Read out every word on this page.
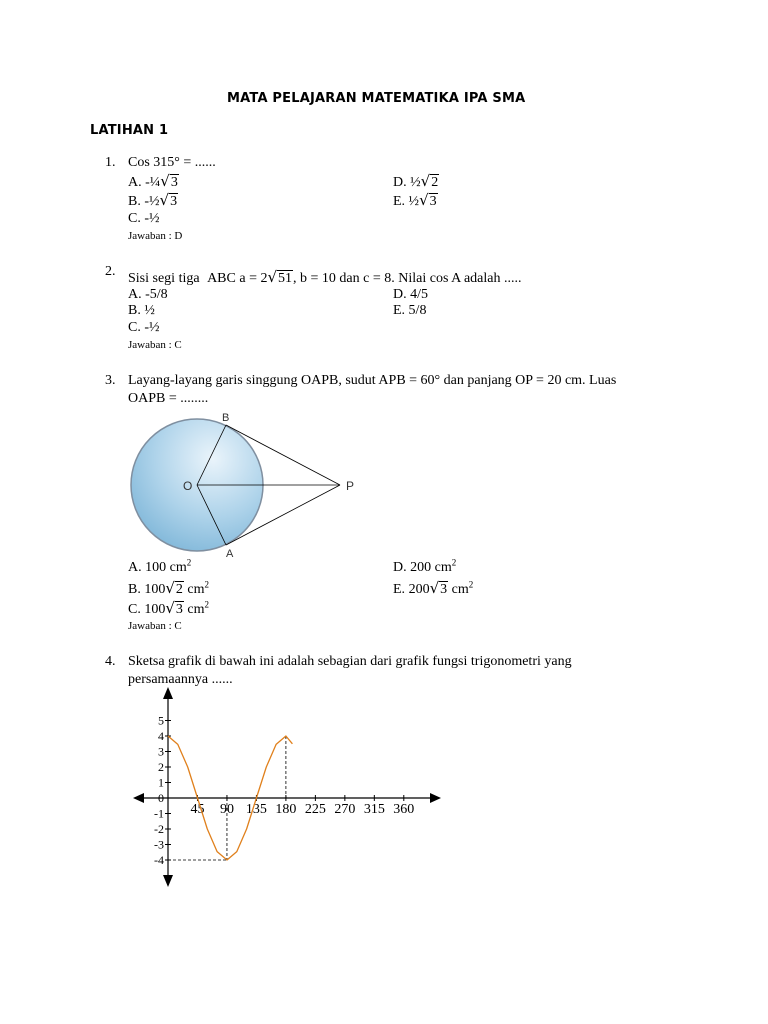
MATA PELAJARAN MATEMATIKA IPA SMA
LATIHAN 1
1. Cos 315° = ......
A. -¼√3
B. -½√3
C. -½
D. ½√2
E. ½√3
Jawaban : D
2. Sisi segi tiga ABC a = 2√51, b = 10 dan c = 8. Nilai cos A adalah .....
A. -5/8
B. ½
C. -½
D. 4/5
E. 5/8
Jawaban : C
3. Layang-layang garis singgung OAPB, sudut APB = 60° dan panjang OP = 20 cm. Luas
OAPB = ........
B
O	P
A
A. 100 $cm^2$
B. 100√2 $cm^2$
C. 100√3 $cm^2$
D. 200 $cm^2$
E. 200√3 $cm^2$
Jawaban : C
4. Sketsa grafik di bawah ini adalah sebagian dari grafik fungsi trigonometri yang
persamaannya ......
45 90 135 180 225 270 315 360
5
4
3
2
1
0
-1
-2
-3
-4
